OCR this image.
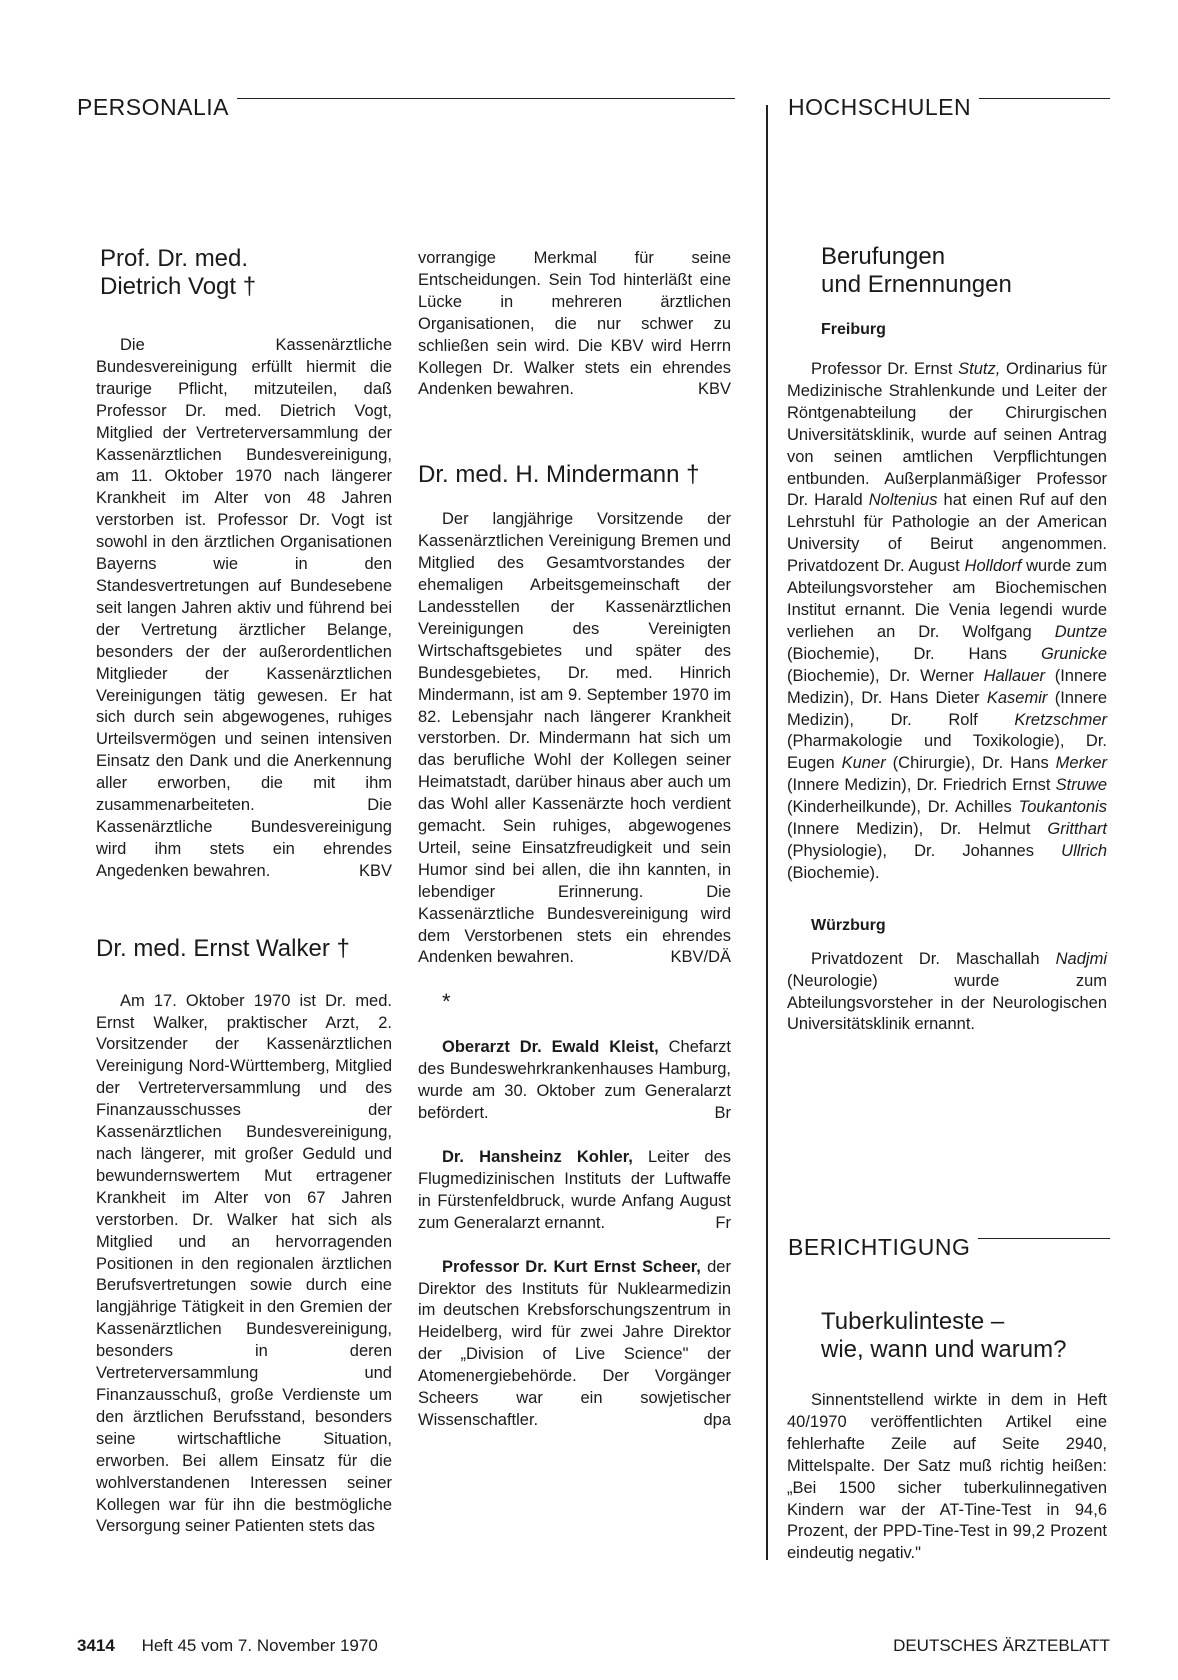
PERSONALIA	HOCHSCHULEN
Prof. Dr. med.
Dietrich Vogt †

Die Kassenärztliche Bundesvereinigung erfüllt hiermit die traurige Pflicht, mitzuteilen, daß Professor Dr. med. Dietrich Vogt, Mitglied der Vertreterversammlung der Kassenärztlichen Bundesvereinigung, am 11. Oktober 1970 nach längerer Krankheit im Alter von 48 Jahren verstorben ist. Professor Dr. Vogt ist sowohl in den ärztlichen Organisationen Bayerns wie in den Standesvertretungen auf Bundesebene seit langen Jahren aktiv und führend bei der Vertretung ärztlicher Belange, besonders der der außerordentlichen Mitglieder der Kassenärztlichen Vereinigungen tätig gewesen. Er hat sich durch sein abgewogenes, ruhiges Urteilsvermögen und seinen intensiven Einsatz den Dank und die Anerkennung aller erworben, die mit ihm zusammenarbeiteten. Die Kassenärztliche Bundesvereinigung wird ihm stets ein ehrendes Angedenken bewahren.	KBV

Dr. med. Ernst Walker †

Am 17. Oktober 1970 ist Dr. med. Ernst Walker, praktischer Arzt, 2. Vorsitzender der Kassenärztlichen Vereinigung Nord-Württemberg, Mitglied der Vertreterversammlung und des Finanzausschusses der Kassenärztlichen Bundesvereinigung, nach längerer, mit großer Geduld und bewundernswertem Mut ertragener Krankheit im Alter von 67 Jahren verstorben. Dr. Walker hat sich als Mitglied und an hervorragenden Positionen in den regionalen ärztlichen Berufsvertretungen sowie durch eine langjährige Tätigkeit in den Gremien der Kassenärztlichen Bundesvereinigung, besonders in deren Vertreterversammlung und Finanzausschuß, große Verdienste um den ärztlichen Berufsstand, besonders seine wirtschaftliche Situation, erworben. Bei allem Einsatz für die wohlverstandenen Interessen seiner Kollegen war für ihn die bestmögliche Versorgung seiner Patienten stets das

vorrangige Merkmal für seine Entscheidungen. Sein Tod hinterläßt eine Lücke in mehreren ärztlichen Organisationen, die nur schwer zu schließen sein wird. Die KBV wird Herrn Kollegen Dr. Walker stets ein ehrendes Andenken bewahren.	KBV

Dr. med. H. Mindermann †

Der langjährige Vorsitzende der Kassenärztlichen Vereinigung Bremen und Mitglied des Gesamtvorstandes der ehemaligen Arbeitsgemeinschaft der Landesstellen der Kassenärztlichen Vereinigungen des Vereinigten Wirtschaftsgebietes und später des Bundesgebietes, Dr. med. Hinrich Mindermann, ist am 9. September 1970 im 82. Lebensjahr nach längerer Krankheit verstorben. Dr. Mindermann hat sich um das berufliche Wohl der Kollegen seiner Heimatstadt, darüber hinaus aber auch um das Wohl aller Kassenärzte hoch verdient gemacht. Sein ruhiges, abgewogenes Urteil, seine Einsatzfreudigkeit und sein Humor sind bei allen, die ihn kannten, in lebendiger Erinnerung. Die Kassenärztliche Bundesvereinigung wird dem Verstorbenen stets ein ehrendes Andenken bewahren.	KBV/DÄ

*

Oberarzt Dr. Ewald Kleist, Chefarzt des Bundeswehrkrankenhauses Hamburg, wurde am 30. Oktober zum Generalarzt befördert.	Br

Dr. Hansheinz Kohler, Leiter des Flugmedizinischen Instituts der Luftwaffe in Fürstenfeldbruck, wurde Anfang August zum Generalarzt ernannt.	Fr

Professor Dr. Kurt Ernst Scheer, der Direktor des Instituts für Nuklearmedizin im deutschen Krebsforschungszentrum in Heidelberg, wird für zwei Jahre Direktor der „Division of Live Science" der Atomenergiebehörde. Der Vorgänger Scheers war ein sowjetischer Wissenschaftler.	dpa

Berufungen
und Ernennungen

Freiburg

Professor Dr. Ernst Stutz, Ordinarius für Medizinische Strahlenkunde und Leiter der Röntgenabteilung der Chirurgischen Universitätsklinik, wurde auf seinen Antrag von seinen amtlichen Verpflichtungen entbunden. Außerplanmäßiger Professor Dr. Harald Noltenius hat einen Ruf auf den Lehrstuhl für Pathologie an der American University of Beirut angenommen. Privatdozent Dr. August Holldorf wurde zum Abteilungsvorsteher am Biochemischen Institut ernannt. Die Venia legendi wurde verliehen an Dr. Wolfgang Duntze (Biochemie), Dr. Hans Grunicke (Biochemie), Dr. Werner Hallauer (Innere Medizin), Dr. Hans Dieter Kasemir (Innere Medizin), Dr. Rolf Kretzschmer (Pharmakologie und Toxikologie), Dr. Eugen Kuner (Chirurgie), Dr. Hans Merker (Innere Medizin), Dr. Friedrich Ernst Struwe (Kinderheilkunde), Dr. Achilles Toukantonis (Innere Medizin), Dr. Helmut Gritthart (Physiologie), Dr. Johannes Ullrich (Biochemie).

Würzburg

Privatdozent Dr. Maschallah Nadjmi (Neurologie) wurde zum Abteilungsvorsteher in der Neurologischen Universitätsklinik ernannt.

BERICHTIGUNG
Tuberkulinteste –
wie, wann und warum?

Sinnentstellend wirkte in dem in Heft 40/1970 veröffentlichten Artikel eine fehlerhafte Zeile auf Seite 2940, Mittelspalte. Der Satz muß richtig heißen: „Bei 1500 sicher tuberkulinnegativen Kindern war der AT-Tine-Test in 94,6 Prozent, der PPD-Tine-Test in 99,2 Prozent eindeutig negativ."

3414 Heft 45 vom 7. November 1970	DEUTSCHES ÄRZTEBLATT
